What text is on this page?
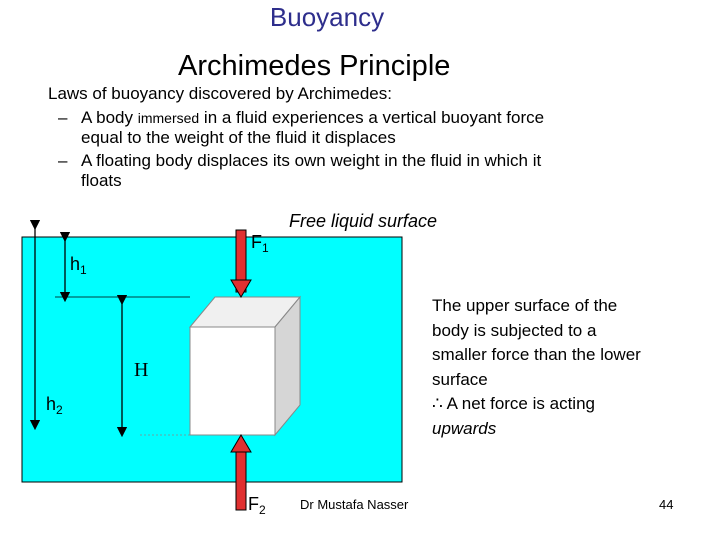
Buoyancy
Archimedes Principle
Laws of buoyancy discovered by Archimedes:
– A body immersed in a fluid experiences a vertical buoyant force
equal to the weight of the fluid it displaces
– A floating body displaces its own weight in the fluid in which it
floats
Free liquid surface
$h_1$
$h_2$
H
$F_1$
$F_2$
The upper surface of the
body is subjected to a
smaller force than the lower
surface
∴ A net force is acting
upwards
Dr Mustafa Nasser	44
